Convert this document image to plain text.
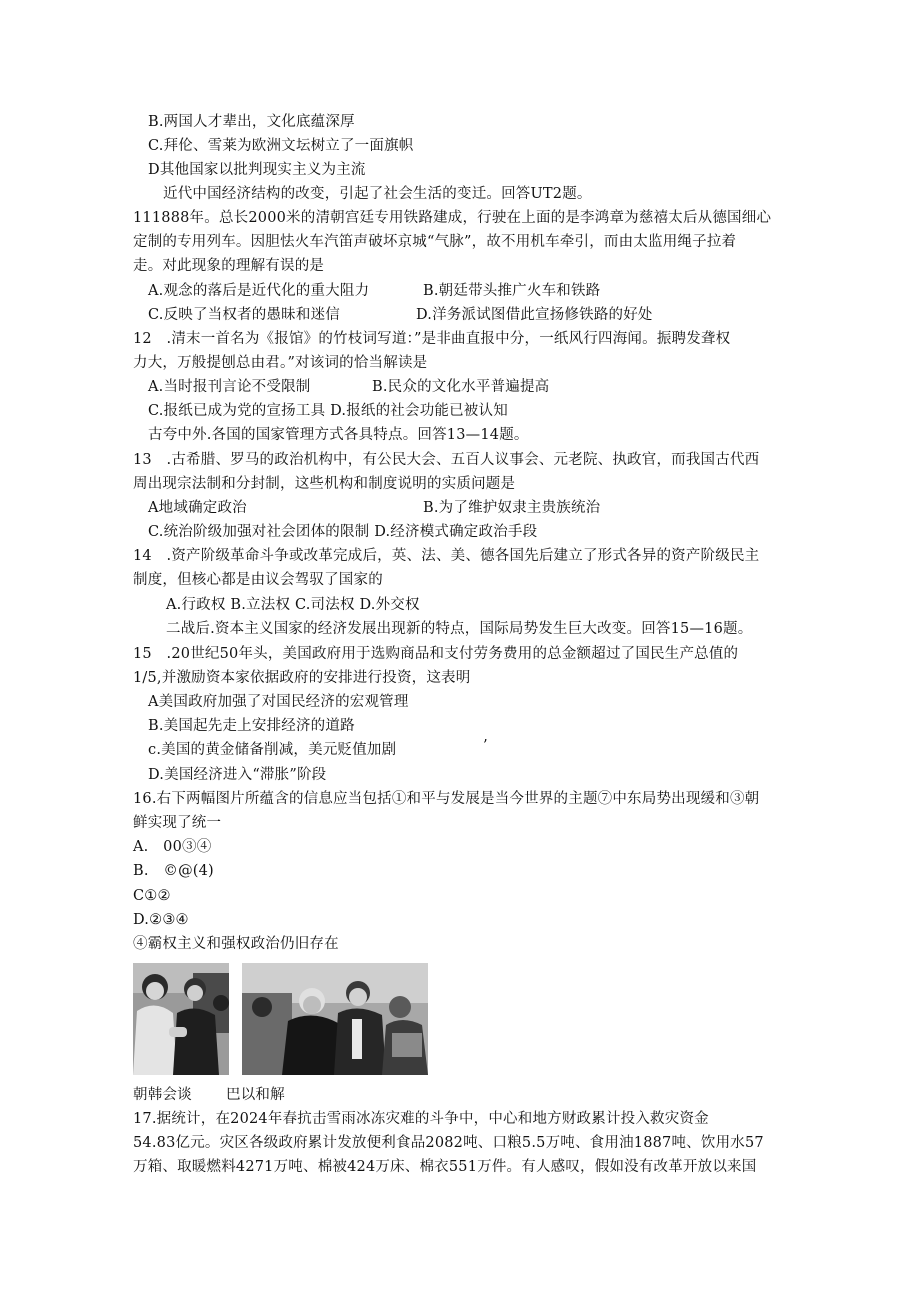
B.两国人才辈出，文化底蕴深厚
C.拜伦、雪莱为欧洲文坛树立了一面旗帜
D其他国家以批判现实主义为主流
近代中国经济结构的改变，引起了社会生活的变迁。回答UT2题。
111888年。总长2000米的清朝宫廷专用铁路建成，行驶在上面的是李鸿章为慈禧太后从德国细心
定制的专用列车。因胆怯火车汽笛声破坏京城“气脉”，故不用机车牵引，而由太监用绳子拉着
走。对此现象的理解有误的是
A.观念的落后是近代化的重大阻力	B.朝廷带头推广火车和铁路
C.反映了当权者的愚昧和迷信	D.洋务派试图借此宣扬修铁路的好处
12　.清末一首名为《报馆》的竹枝词写道：”是非曲直报中分，一纸风行四海闻。振聘发聋权
力大，万般提刨总由君。”对该词的恰当解读是
A.当时报刊言论不受限制	B.民众的文化水平普遍提高
C.报纸已成为党的宣扬工具 D.报纸的社会功能已被认知
古夸中外.各国的国家管理方式各具特点。回答13—14题。
13　.古希腊、罗马的政治机构中，有公民大会、五百人议事会、元老院、执政官，而我国古代西
周出现宗法制和分封制，这些机构和制度说明的实质问题是
A地域确定政治	B.为了维护奴隶主贵族统治
C.统治阶级加强对社会团体的限制 D.经济模式确定政治手段
14　.资产阶级革命斗争或改革完成后，英、法、美、德各国先后建立了形式各异的资产阶级民主
制度，但核心都是由议会驾驭了国家的
A.行政权 B.立法权 C.司法权 D.外交权
二战后.资本主义国家的经济发展出现新的特点，国际局势发生巨大改变。回答15—16题。
15　.20世纪50年头，美国政府用于选购商品和支付劳务费用的总金额超过了国民生产总值的
1/5,并激励资本家依据政府的安排进行投资，这表明
A美国政府加强了对国民经济的宏观管理
B.美国起先走上安排经济的道路
c.美国的黄金储备削减，美元贬值加剧	’
D.美国经济进入“滞胀”阶段
16.右下两幅图片所蕴含的信息应当包括①和平与发展是当今世界的主题⑦中东局势出现缓和③朝
鲜实现了统一
A.　00③④
B.　©@(4)
C①②
D.②③④
④霸权主义和强权政治仍旧存在
朝韩会谈 巴以和解
17.据统计，在2024年春抗击雪雨冰冻灾难的斗争中，中心和地方财政累计投入救灾资金
54.83亿元。灾区各级政府累计发放便利食品2082吨、口粮5.5万吨、食用油1887吨、饮用水57
万箱、取暖燃料4271万吨、棉被424万床、棉衣551万件。有人感叹，假如没有改革开放以来国
